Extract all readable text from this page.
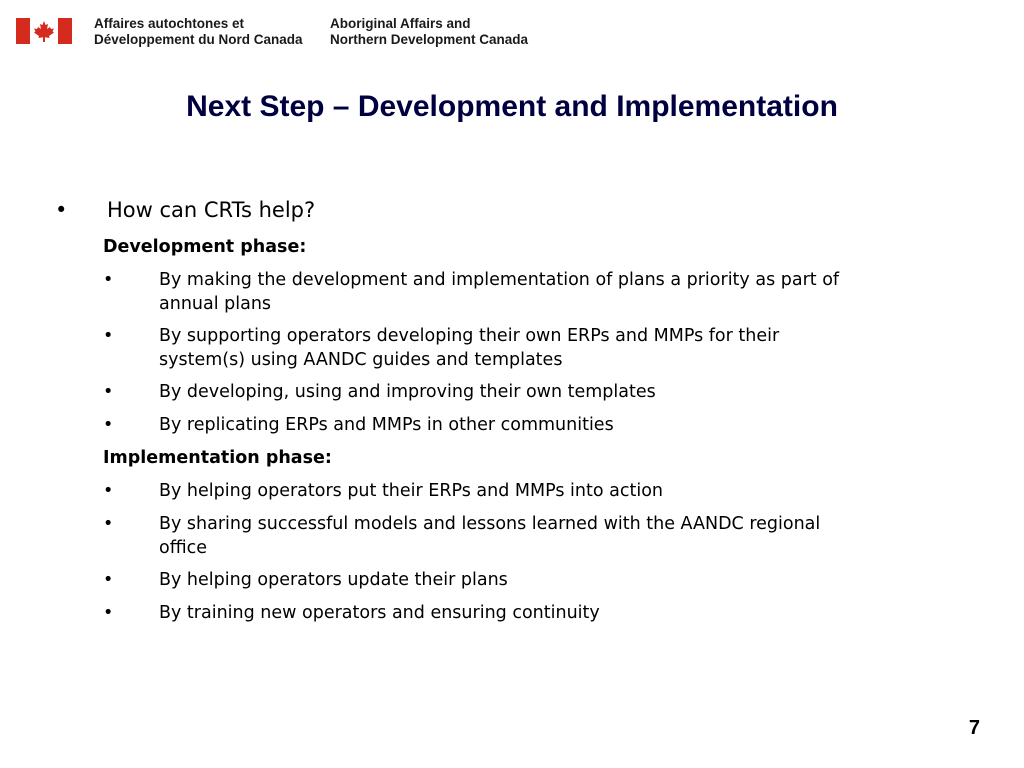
Affaires autochtones et
Développement du Nord Canada
Aboriginal Affairs and
Northern Development Canada
Next Step – Development and Implementation
• How can CRTs help?
Development phase:
•	By making the development and implementation of plans a priority as part of annual plans
•	By supporting operators developing their own ERPs and MMPs for their system(s) using AANDC guides and templates
•	By developing, using and improving their own templates
•	By replicating ERPs and MMPs in other communities
Implementation phase:
•	By helping operators put their ERPs and MMPs into action
•	By sharing successful models and lessons learned with the AANDC regional office
•	By helping operators update their plans
•	By training new operators and ensuring continuity
7
